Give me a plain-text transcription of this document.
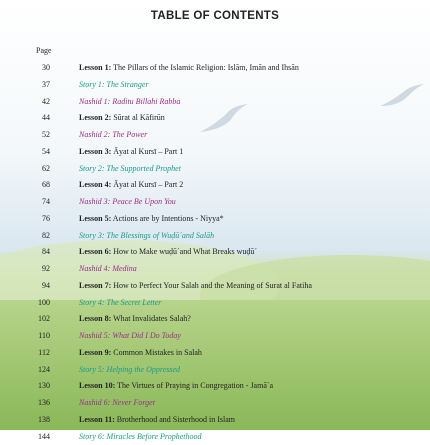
TABLE OF CONTENTS
Page
30	Lesson 1: The Pillars of the Islamic Religion: Islām, Imān and Ihsān
37	Story 1: The Stranger
42	Nashid 1: Raditu Billahi Rabba
44	Lesson 2: Sūrat al Kāfirūn
52	Nashid 2: The Power
54	Lesson 3: Āyat al Kursī – Part 1
62	Story 2: The Supported Prophet
68	Lesson 4: Āyat al Kursī – Part 2
74	Nashid 3: Peace Be Upon You
76	Lesson 5: Actions are by Intentions - Niyya*
82	Story 3: The Blessings of Wuḍū´and Salāh
84	Lesson 6: How to Make wuḍū´and What Breaks wuḍū´
92	Nashid 4: Medina
94	Lesson 7: How to Perfect Your Salah and the Meaning of Surat al Fatiha
100	Story 4: The Secret Letter
102	Lesson 8: What Invalidates Salah?
110	Nashid 5: What Did I Do Today
112	Lesson 9: Common Mistakes in Salah
124	Story 5: Helping the Oppressed
130	Lesson 10: The Virtues of Praying in Congregation - Jamā`a
136	Nashid 6: Never Forget
138	Lesson 11: Brotherhood and Sisterhood in Islam
144	Story 6: Miracles Before Prophethood
